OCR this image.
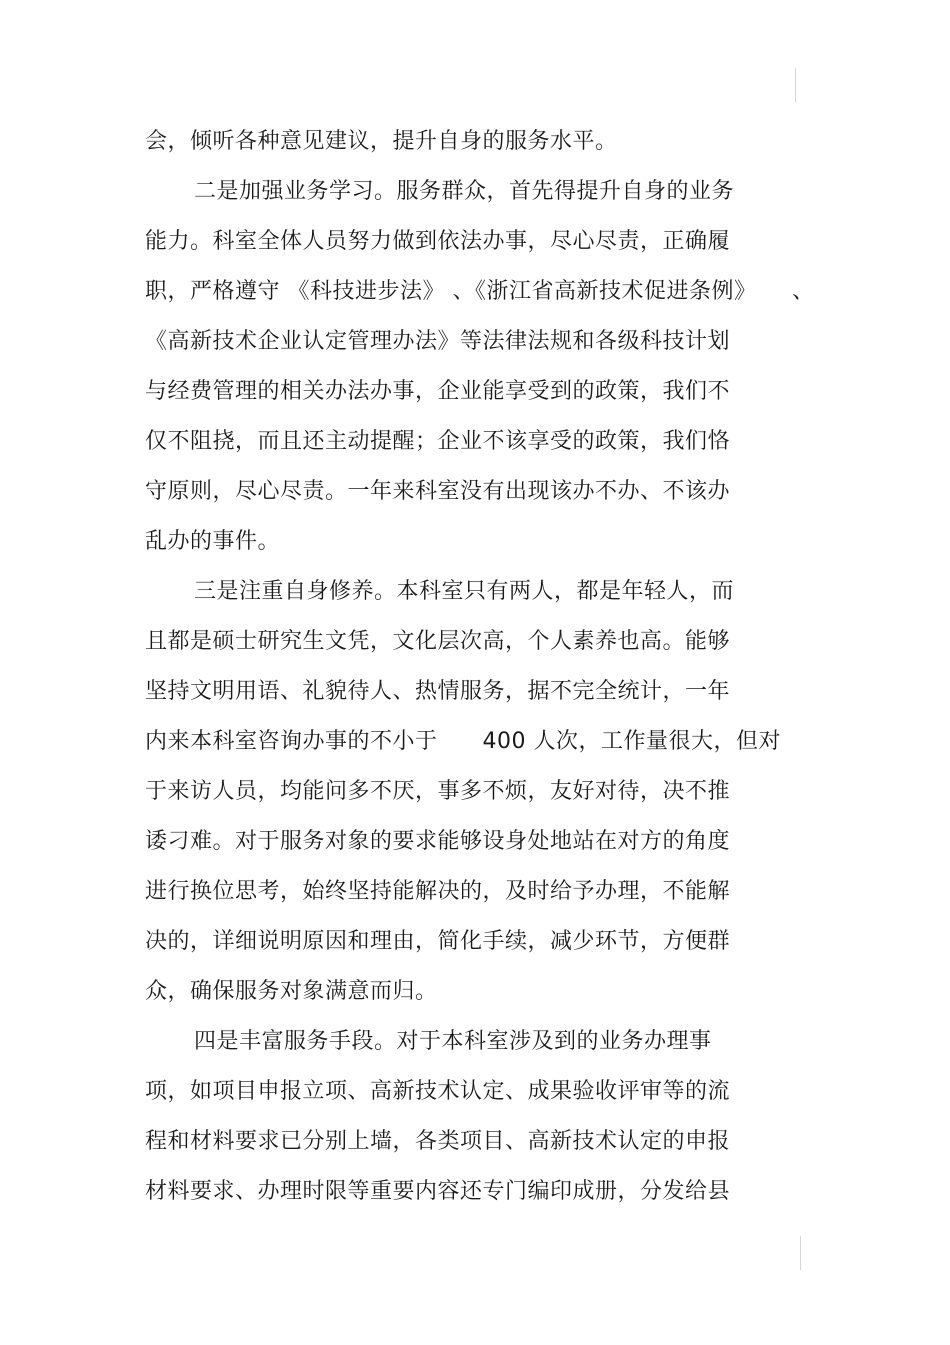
会，倾听各种意见建议，提升自身的服务水平。
二是加强业务学习。服务群众，首先得提升自身的业务
能力。科室全体人员努力做到依法办事，尽心尽责，正确履
职，严格遵守 《科技进步法》 、《浙江省高新技术促进条例》 、
《高新技术企业认定管理办法》等法律法规和各级科技计划
与经费管理的相关办法办事，企业能享受到的政策，我们不
仅不阻挠，而且还主动提醒；企业不该享受的政策，我们恪
守原则，尽心尽责。一年来科室没有出现该办不办、不该办
乱办的事件。
三是注重自身修养。本科室只有两人，都是年轻人，而
且都是硕士研究生文凭，文化层次高，个人素养也高。能够
坚持文明用语、礼貌待人、热情服务，据不完全统计，一年
内来本科室咨询办事的不小于　　400 人次，工作量很大，但对
于来访人员，均能问多不厌，事多不烦，友好对待，决不推
诿刁难。对于服务对象的要求能够设身处地站在对方的角度
进行换位思考，始终坚持能解决的，及时给予办理，不能解
决的，详细说明原因和理由，简化手续，减少环节，方便群
众，确保服务对象满意而归。
四是丰富服务手段。对于本科室涉及到的业务办理事
项，如项目申报立项、高新技术认定、成果验收评审等的流
程和材料要求已分别上墙，各类项目、高新技术认定的申报
材料要求、办理时限等重要内容还专门编印成册，分发给县
